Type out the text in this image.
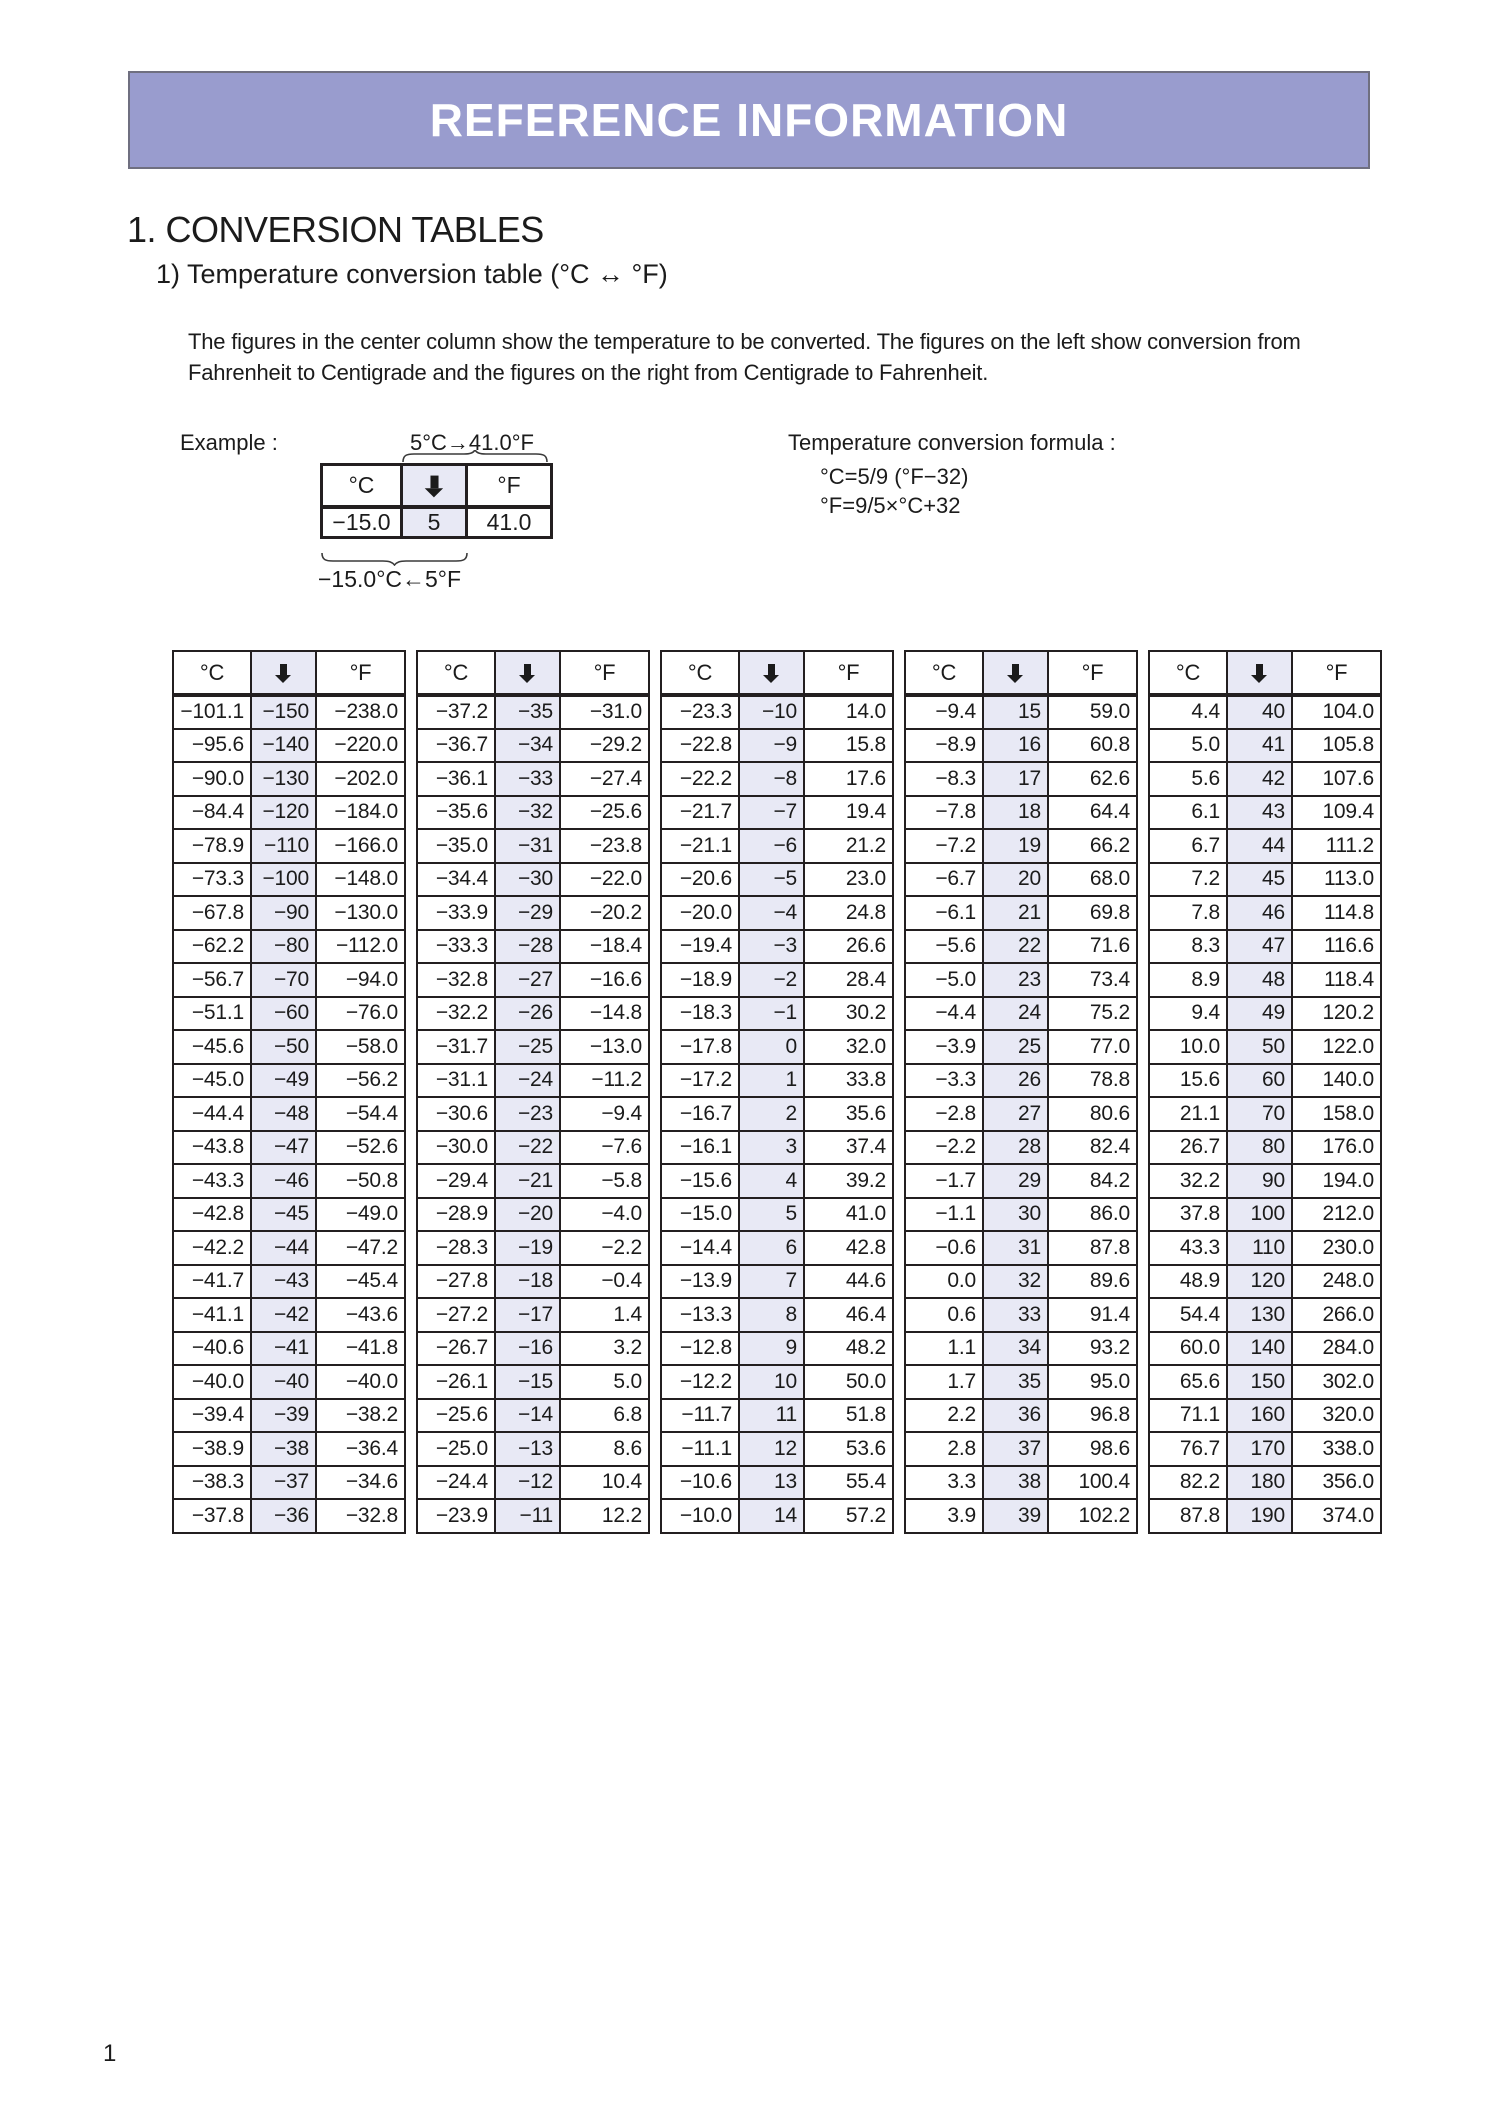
REFERENCE INFORMATION
1. CONVERSION TABLES
1) Temperature conversion table (°C ↔ °F)

The figures in the center column show the temperature to be converted. The figures on the left show conversion from
Fahrenheit to Centigrade and the figures on the right from Centigrade to Fahrenheit.

Example :	5°C→41.0°F
°C		°F
−15.0	5	41.0
−15.0°C←5°F
Temperature conversion formula :
°C=5/9 (°F−32)
°F=9/5×°C+32
°C		°F
−101.1	−150	−238.0
−95.6	−140	−220.0
−90.0	−130	−202.0
−84.4	−120	−184.0
−78.9	−110	−166.0
−73.3	−100	−148.0
−67.8	−90	−130.0
−62.2	−80	−112.0
−56.7	−70	−94.0
−51.1	−60	−76.0
−45.6	−50	−58.0
−45.0	−49	−56.2
−44.4	−48	−54.4
−43.8	−47	−52.6
−43.3	−46	−50.8
−42.8	−45	−49.0
−42.2	−44	−47.2
−41.7	−43	−45.4
−41.1	−42	−43.6
−40.6	−41	−41.8
−40.0	−40	−40.0
−39.4	−39	−38.2
−38.9	−38	−36.4
−38.3	−37	−34.6
−37.8	−36	−32.8
°C		°F
−37.2	−35	−31.0
−36.7	−34	−29.2
−36.1	−33	−27.4
−35.6	−32	−25.6
−35.0	−31	−23.8
−34.4	−30	−22.0
−33.9	−29	−20.2
−33.3	−28	−18.4
−32.8	−27	−16.6
−32.2	−26	−14.8
−31.7	−25	−13.0
−31.1	−24	−11.2
−30.6	−23	−9.4
−30.0	−22	−7.6
−29.4	−21	−5.8
−28.9	−20	−4.0
−28.3	−19	−2.2
−27.8	−18	−0.4
−27.2	−17	1.4
−26.7	−16	3.2
−26.1	−15	5.0
−25.6	−14	6.8
−25.0	−13	8.6
−24.4	−12	10.4
−23.9	−11	12.2
°C		°F
−23.3	−10	14.0
−22.8	−9	15.8
−22.2	−8	17.6
−21.7	−7	19.4
−21.1	−6	21.2
−20.6	−5	23.0
−20.0	−4	24.8
−19.4	−3	26.6
−18.9	−2	28.4
−18.3	−1	30.2
−17.8	0	32.0
−17.2	1	33.8
−16.7	2	35.6
−16.1	3	37.4
−15.6	4	39.2
−15.0	5	41.0
−14.4	6	42.8
−13.9	7	44.6
−13.3	8	46.4
−12.8	9	48.2
−12.2	10	50.0
−11.7	11	51.8
−11.1	12	53.6
−10.6	13	55.4
−10.0	14	57.2
°C		°F
−9.4	15	59.0
−8.9	16	60.8
−8.3	17	62.6
−7.8	18	64.4
−7.2	19	66.2
−6.7	20	68.0
−6.1	21	69.8
−5.6	22	71.6
−5.0	23	73.4
−4.4	24	75.2
−3.9	25	77.0
−3.3	26	78.8
−2.8	27	80.6
−2.2	28	82.4
−1.7	29	84.2
−1.1	30	86.0
−0.6	31	87.8
0.0	32	89.6
0.6	33	91.4
1.1	34	93.2
1.7	35	95.0
2.2	36	96.8
2.8	37	98.6
3.3	38	100.4
3.9	39	102.2
°C		°F
4.4	40	104.0
5.0	41	105.8
5.6	42	107.6
6.1	43	109.4
6.7	44	111.2
7.2	45	113.0
7.8	46	114.8
8.3	47	116.6
8.9	48	118.4
9.4	49	120.2
10.0	50	122.0
15.6	60	140.0
21.1	70	158.0
26.7	80	176.0
32.2	90	194.0
37.8	100	212.0
43.3	110	230.0
48.9	120	248.0
54.4	130	266.0
60.0	140	284.0
65.6	150	302.0
71.1	160	320.0
76.7	170	338.0
82.2	180	356.0
87.8	190	374.0
1
